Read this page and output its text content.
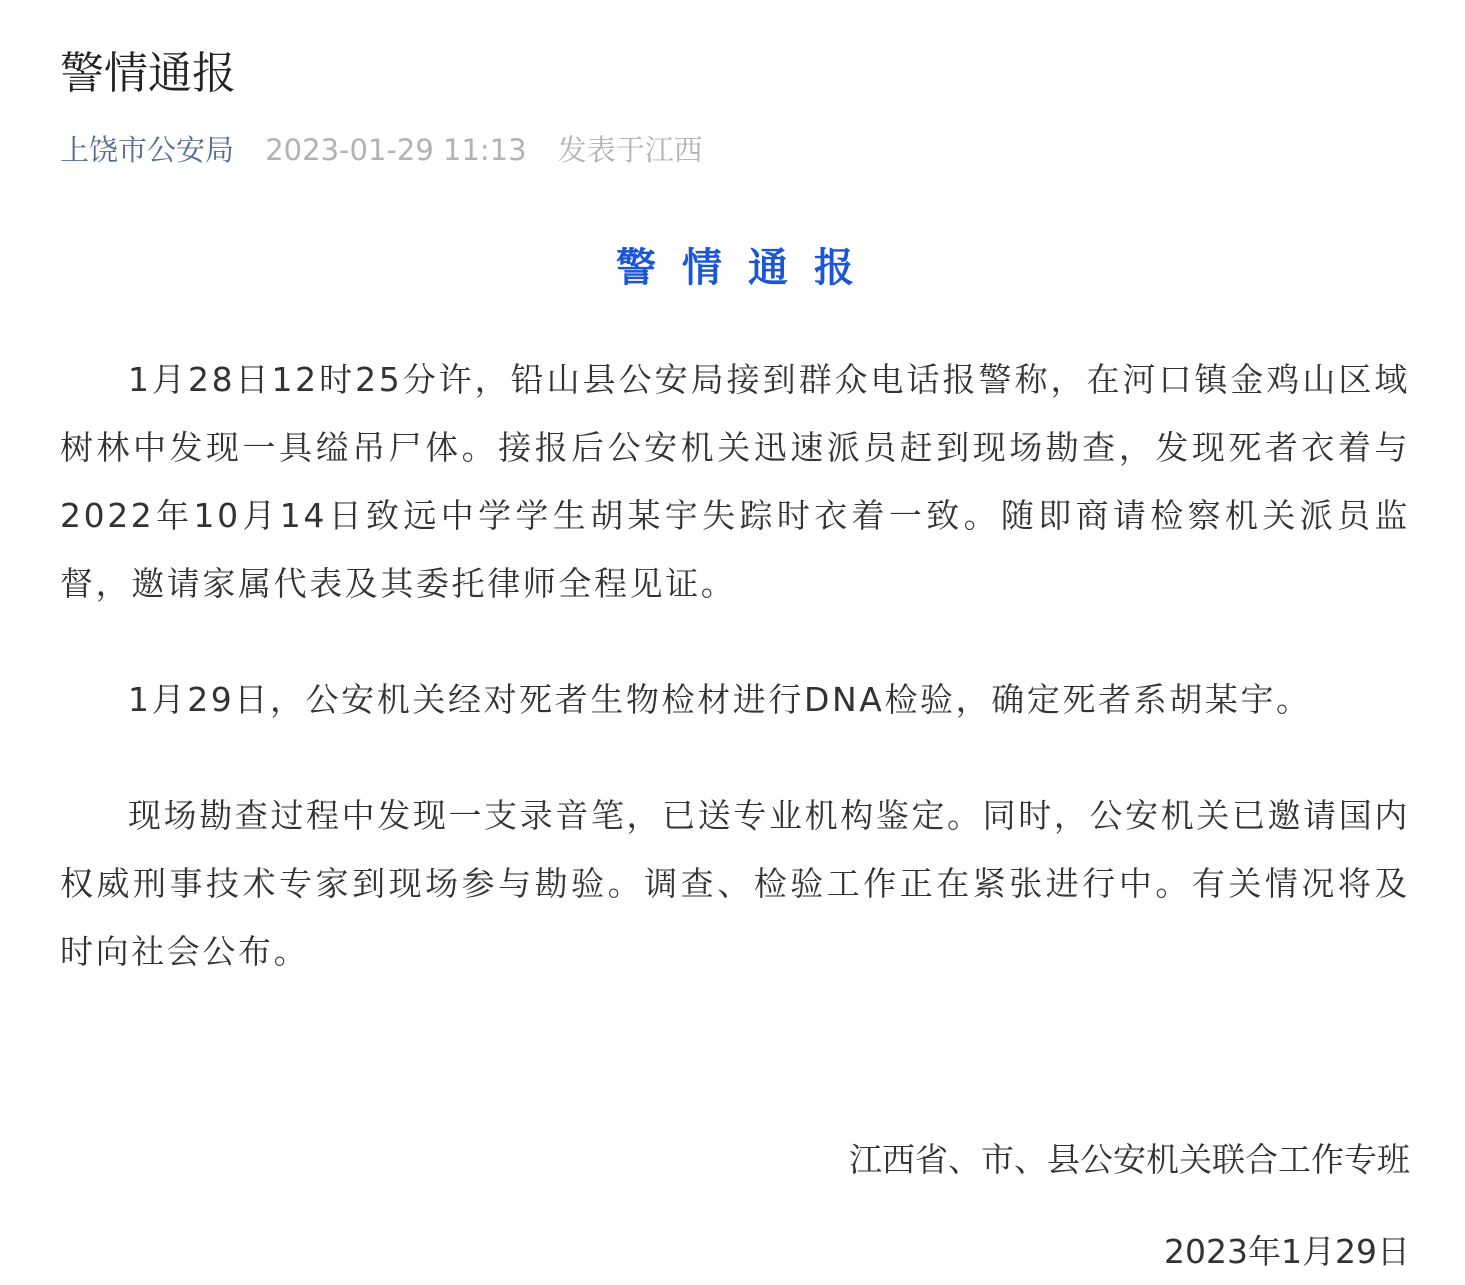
警情通报
上饶市公安局 2023-01-29 11:13 发表于江西
警情通报

1月28日12时25分许，铅山县公安局接到群众电话报警称，在河口镇金鸡山区域树林中发现一具缢吊尸体。接报后公安机关迅速派员赶到现场勘查，发现死者衣着与2022年10月14日致远中学学生胡某宇失踪时衣着一致。随即商请检察机关派员监督，邀请家属代表及其委托律师全程见证。

1月29日，公安机关经对死者生物检材进行DNA检验，确定死者系胡某宇。

现场勘查过程中发现一支录音笔，已送专业机构鉴定。同时，公安机关已邀请国内权威刑事技术专家到现场参与勘验。调查、检验工作正在紧张进行中。有关情况将及时向社会公布。

江西省、市、县公安机关联合工作专班
2023年1月29日
